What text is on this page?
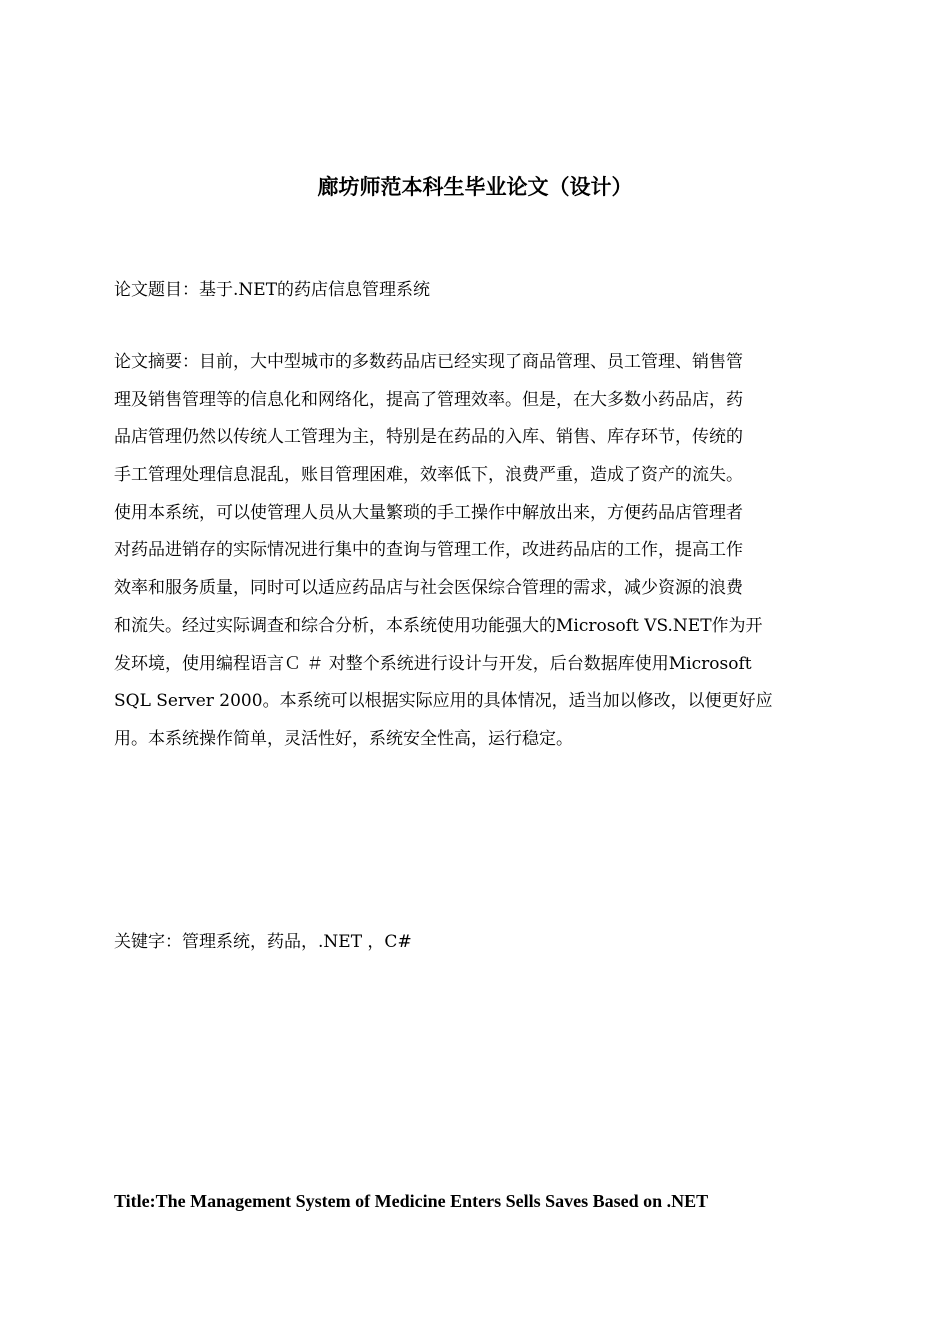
廊坊师范本科生毕业论文（设计）
论文题目：基于.NET的药店信息管理系统
论文摘要：目前，大中型城市的多数药品店已经实现了商品管理、员工管理、销售管
理及销售管理等的信息化和网络化，提高了管理效率。但是，在大多数小药品店，药
品店管理仍然以传统人工管理为主，特别是在药品的入库、销售、库存环节，传统的
手工管理处理信息混乱，账目管理困难，效率低下，浪费严重，造成了资产的流失。
使用本系统，可以使管理人员从大量繁琐的手工操作中解放出来，方便药品店管理者
对药品进销存的实际情况进行集中的查询与管理工作，改进药品店的工作，提高工作
效率和服务质量，同时可以适应药品店与社会医保综合管理的需求，减少资源的浪费
和流失。经过实际调查和综合分析，本系统使用功能强大的Microsoft VS.NET作为开
发环境，使用编程语言Ｃ ＃ 对整个系统进行设计与开发，后台数据库使用Microsoft
SQL Server 2000。本系统可以根据实际应用的具体情况，适当加以修改，以便更好应
用。本系统操作简单，灵活性好，系统安全性高，运行稳定。
关键字：管理系统，药品，.NET ，C#
Title:The Management System of Medicine Enters Sells Saves Based on .NET
